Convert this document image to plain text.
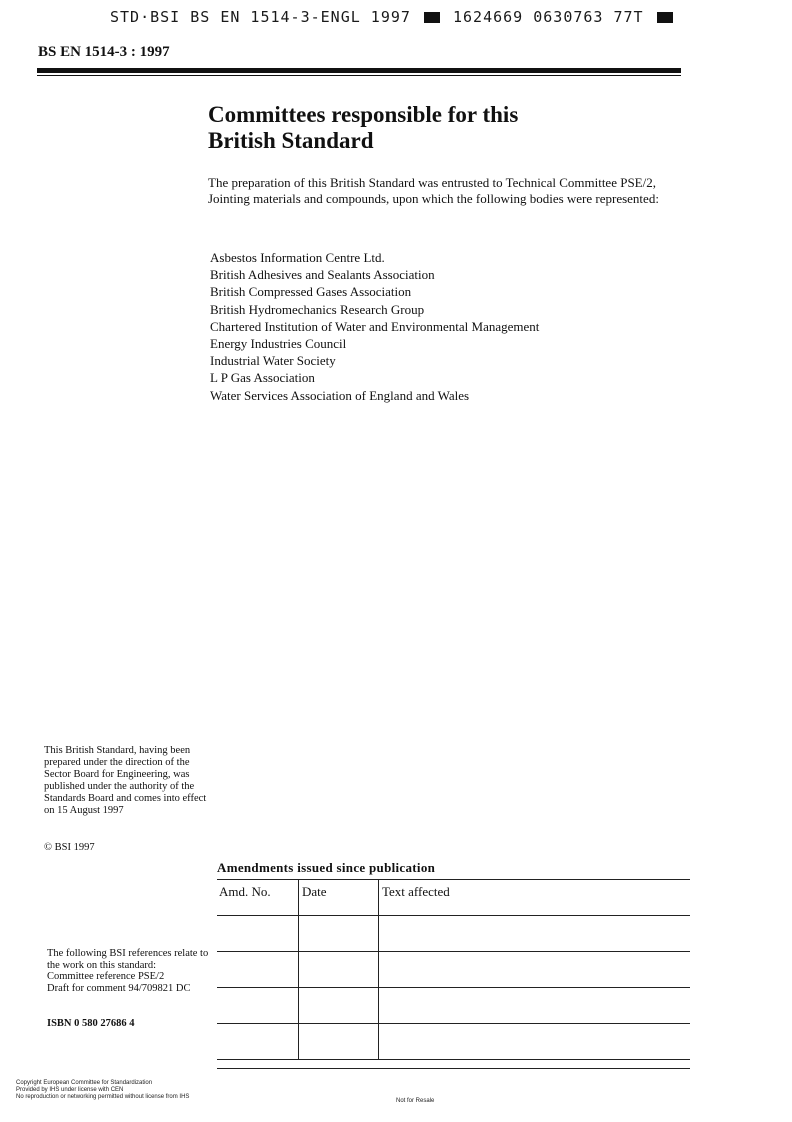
STD·BSI BS EN 1514-3-ENGL 1997	1624669 0630763 77T
BS EN 1514-3 : 1997
Committees responsible for this
British Standard

The preparation of this British Standard was entrusted to Technical Committee PSE/2, Jointing materials and compounds, upon which the following bodies were represented:

Asbestos Information Centre Ltd.
British Adhesives and Sealants Association
British Compressed Gases Association
British Hydromechanics Research Group
Chartered Institution of Water and Environmental Management
Energy Industries Council
Industrial Water Society
L P Gas Association
Water Services Association of England and Wales

This British Standard, having been prepared under the direction of the Sector Board for Engineering, was published under the authority of the Standards Board and comes into effect on 15 August 1997

© BSI 1997
The following BSI references relate to the work on this standard:
Committee reference PSE/2
Draft for comment 94/709821 DC
ISBN 0 580 27686 4
Amendments issued since publication
Amd. No.	Date	Text affected

Copyright European Committee for Standardization
Provided by IHS under license with CEN
No reproduction or networking permitted without license from IHS
Not for Resale
